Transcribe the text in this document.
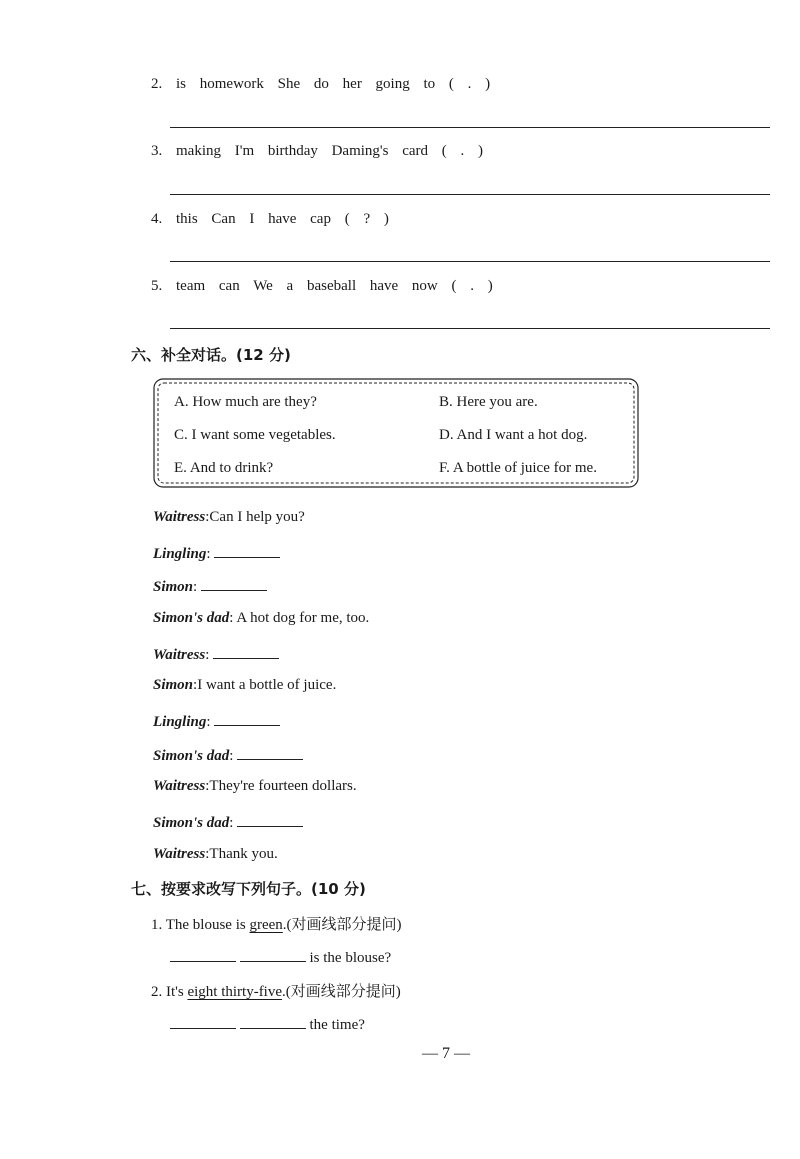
2. is homework She do her going to ( . )
3. making I'm birthday Daming's card ( . )
4. this Can I have cap ( ? )
5. team can We a baseball have now ( . )
六、补全对话。(12 分)
A. How much are they?	B. Here you are.
C. I want some vegetables.	D. And I want a hot dog.
E. And to drink?	F. A bottle of juice for me.
Waitress:Can I help you?
Lingling:
Simon:
Simon's dad: A hot dog for me, too.
Waitress:
Simon:I want a bottle of juice.
Lingling:
Simon's dad:
Waitress:They're fourteen dollars.
Simon's dad:
Waitress:Thank you.
七、按要求改写下列句子。(10 分)
1. The blouse is green.(对画线部分提问)
is the blouse?
2. It's eight thirty-five.(对画线部分提问)
the time?
— 7 —
